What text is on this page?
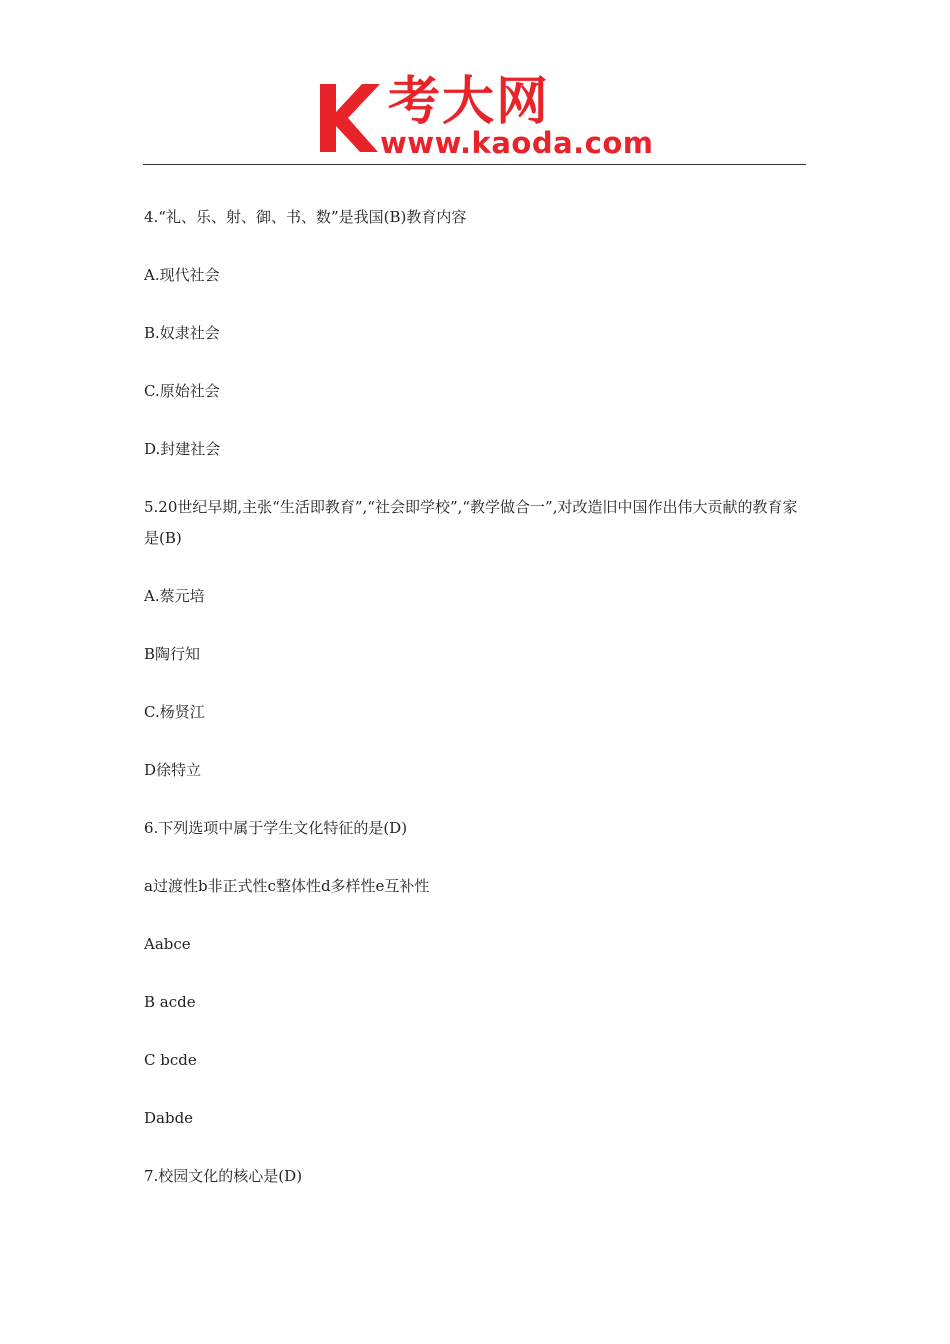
考大网
www.kaoda.com

4.“礼、乐、射、御、书、数”是我国(B)教育内容

A.现代社会

B.奴隶社会

C.原始社会

D.封建社会

5.20世纪早期,主张“生活即教育”,“社会即学校”,“教学做合一”,对改造旧中国作出伟大贡献的教育家是(B)

A.蔡元培

B陶行知

C.杨贤江

D徐特立

6.下列选项中属于学生文化特征的是(D)

a过渡性b非正式性c整体性d多样性e互补性

Aabce

B acde

C bcde

Dabde

7.校园文化的核心是(D)
